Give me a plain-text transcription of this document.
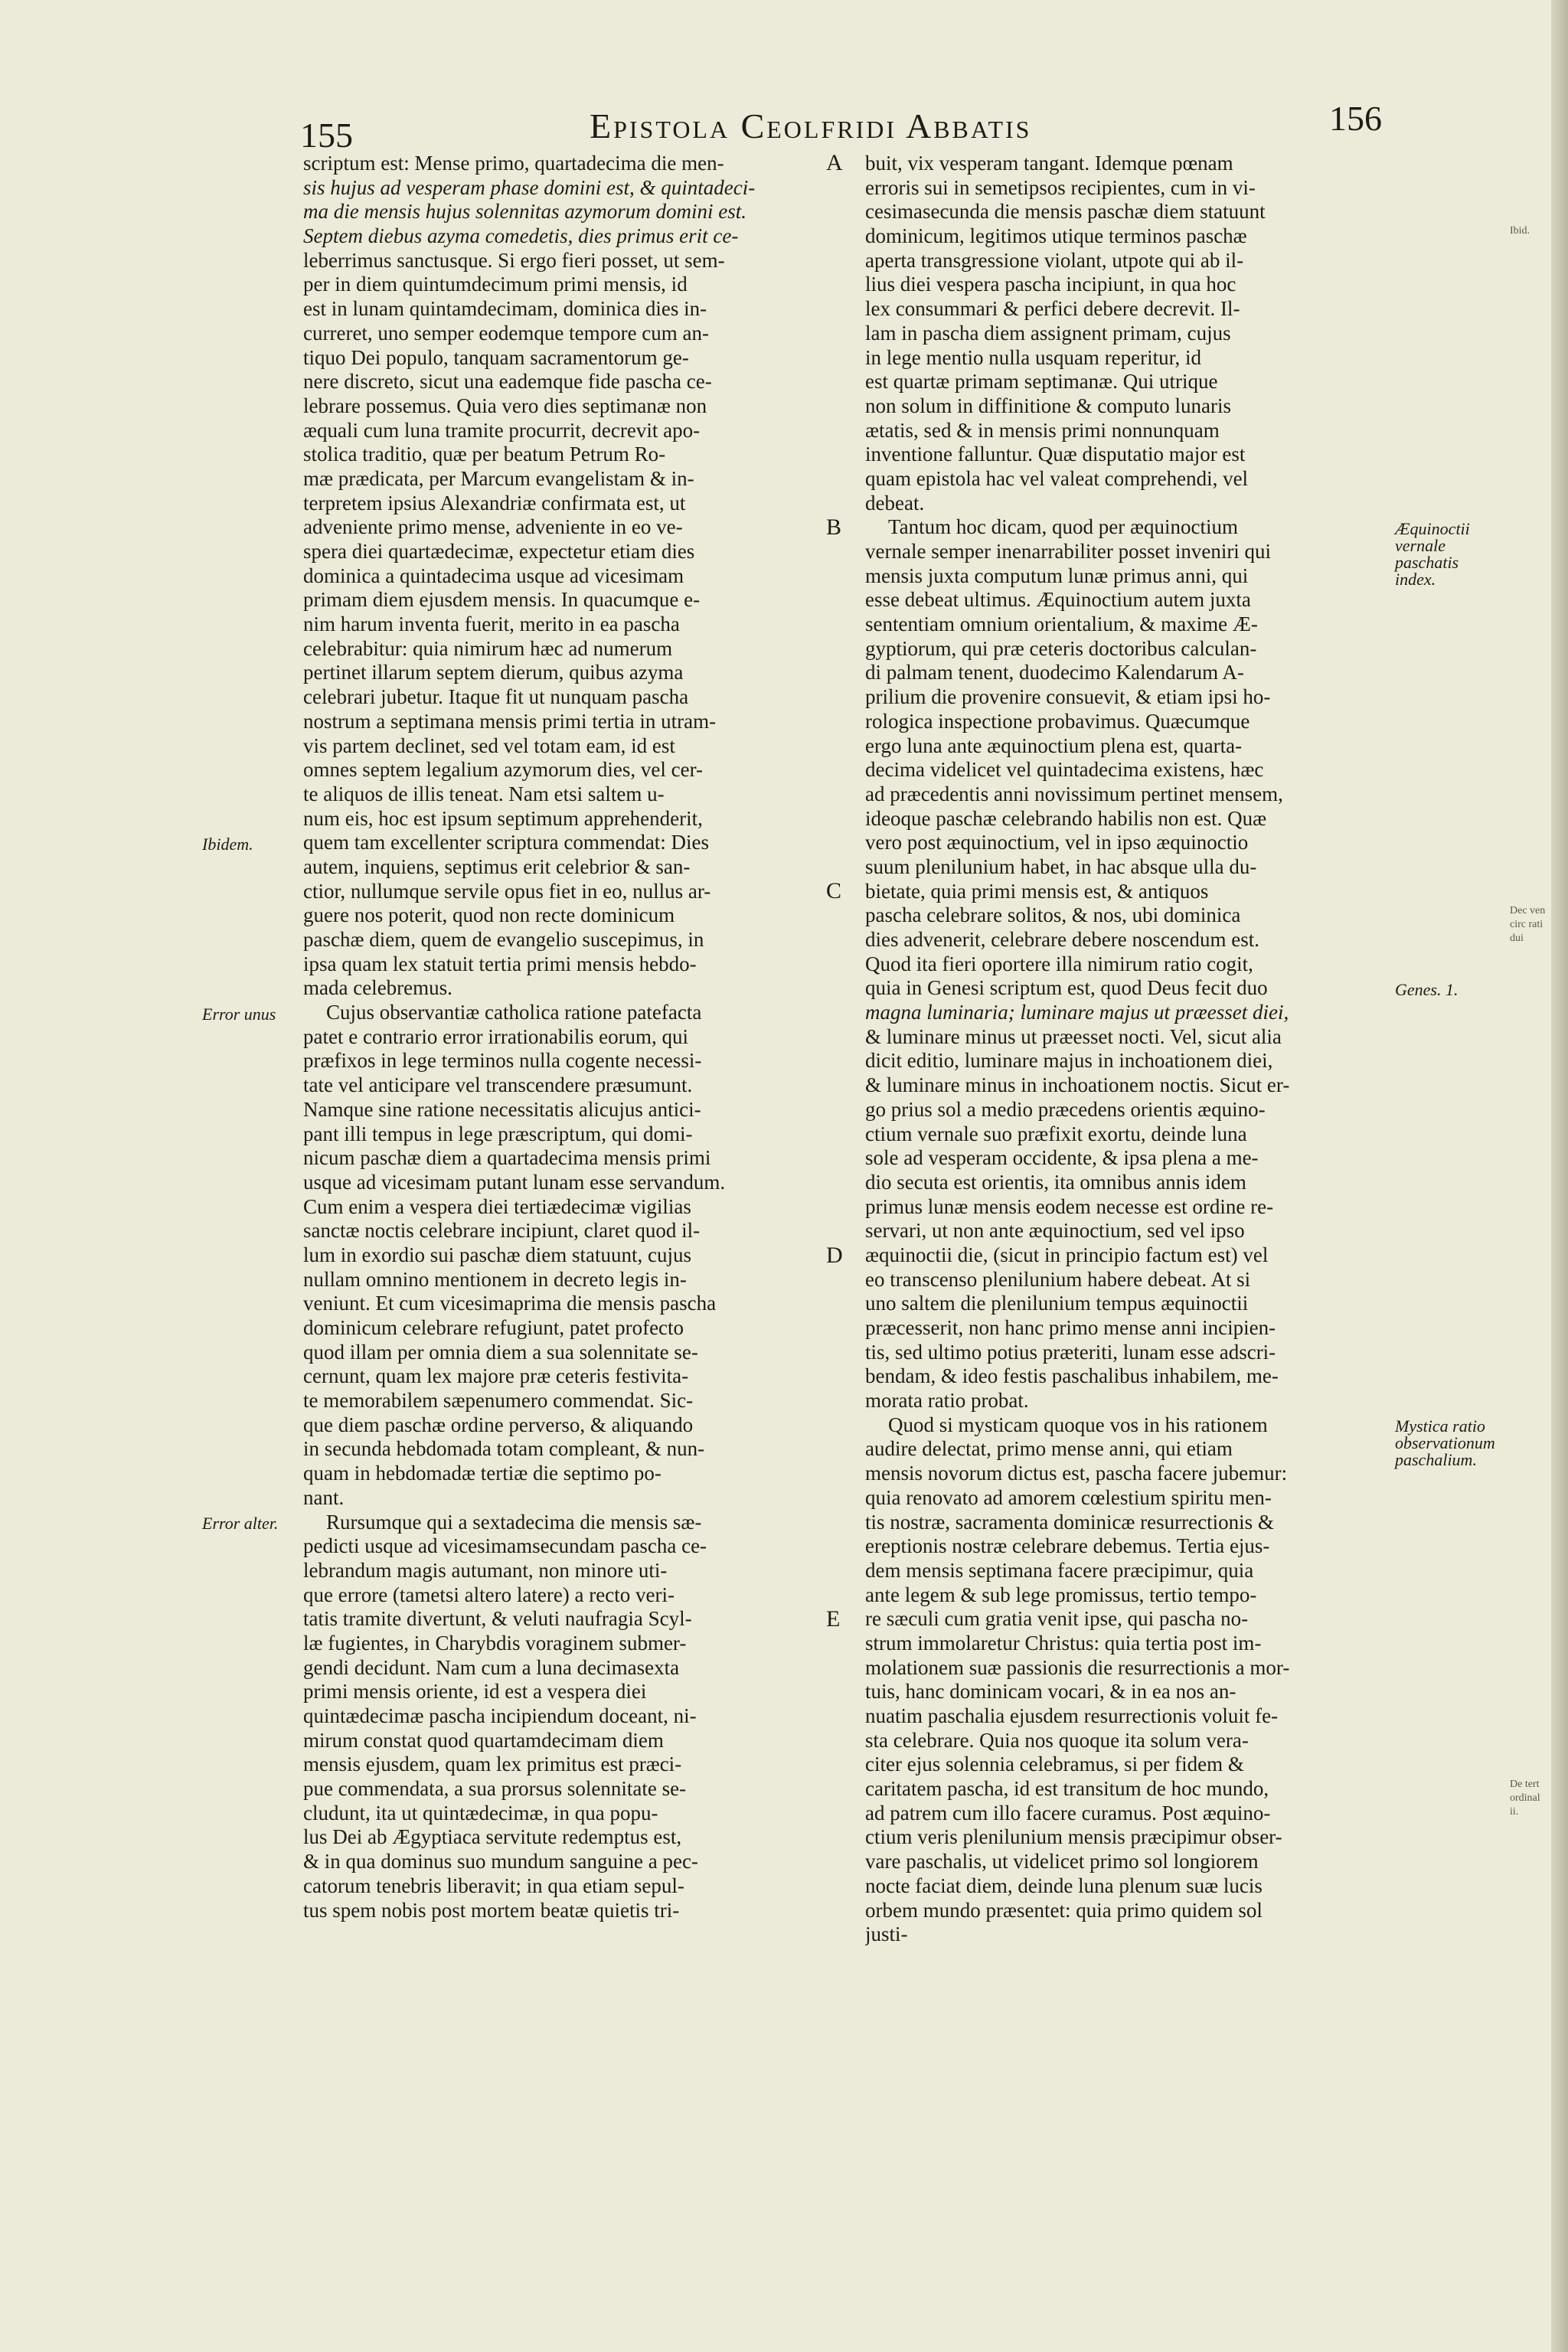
155	Epistola Ceolfridi Abbatis	156
scriptum est: Mense primo, quartadecima die men-
sis hujus ad vesperam phase domini est, & quintadeci-
ma die mensis hujus solennitas azymorum domini est.
Septem diebus azyma comedetis, dies primus erit ce-
leberrimus sanctusque. Si ergo fieri posset, ut sem-
per in diem quintumdecimum primi mensis, id
est in lunam quintamdecimam, dominica dies in-
curreret, uno semper eodemque tempore cum an-
tiquo Dei populo, tanquam sacramentorum ge-
nere discreto, sicut una eademque fide pascha ce-
lebrare possemus. Quia vero dies septimanæ non
æquali cum luna tramite procurrit, decrevit apo-
stolica traditio, quæ per beatum Petrum Ro-
mæ prædicata, per Marcum evangelistam & in-
terpretem ipsius Alexandriæ confirmata est, ut
adveniente primo mense, adveniente in eo ve-
spera diei quartædecimæ, expectetur etiam dies
dominica a quintadecima usque ad vicesimam
primam diem ejusdem mensis. In quacumque e-
nim harum inventa fuerit, merito in ea pascha
celebrabitur: quia nimirum hæc ad numerum
pertinet illarum septem dierum, quibus azyma
celebrari jubetur. Itaque fit ut nunquam pascha
nostrum a septimana mensis primi tertia in utram-
vis partem declinet, sed vel totam eam, id est
omnes septem legalium azymorum dies, vel cer-
te aliquos de illis teneat. Nam etsi saltem u-
num eis, hoc est ipsum septimum apprehenderit,
quem tam excellenter scriptura commendat: Dies
autem, inquiens, septimus erit celebrior & san-
ctior, nullumque servile opus fiet in eo, nullus ar-
guere nos poterit, quod non recte dominicum
paschæ diem, quem de evangelio suscepimus, in
ipsa quam lex statuit tertia primi mensis hebdo-
mada celebremus.
Cujus observantiæ catholica ratione patefacta
patet e contrario error irrationabilis eorum, qui
præfixos in lege terminos nulla cogente necessi-
tate vel anticipare vel transcendere præsumunt.
Namque sine ratione necessitatis alicujus antici-
pant illi tempus in lege præscriptum, qui domi-
nicum paschæ diem a quartadecima mensis primi
usque ad vicesimam putant lunam esse servandum.
Cum enim a vespera diei tertiædecimæ vigilias
sanctæ noctis celebrare incipiunt, claret quod il-
lum in exordio sui paschæ diem statuunt, cujus
nullam omnino mentionem in decreto legis in-
veniunt. Et cum vicesimaprima die mensis pascha
dominicum celebrare refugiunt, patet profecto
quod illam per omnia diem a sua solennitate se-
cernunt, quam lex majore præ ceteris festivita-
te memorabilem sæpenumero commendat. Sic-
que diem paschæ ordine perverso, & aliquando
in secunda hebdomada totam compleant, & nun-
quam in hebdomadæ tertiæ die septimo po-
nant.
Rursumque qui a sextadecima die mensis sæ-
pedicti usque ad vicesimamsecundam pascha ce-
lebrandum magis autumant, non minore uti-
que errore (tametsi altero latere) a recto veri-
tatis tramite divertunt, & veluti naufragia Scyl-
læ fugientes, in Charybdis voraginem submer-
gendi decidunt. Nam cum a luna decimasexta
primi mensis oriente, id est a vespera diei
quintædecimæ pascha incipiendum doceant, ni-
mirum constat quod quartamdecimam diem
mensis ejusdem, quam lex primitus est præci-
pue commendata, a sua prorsus solennitate se-
cludunt, ita ut quintædecimæ, in qua popu-
lus Dei ab Ægyptiaca servitute redemptus est,
& in qua dominus suo mundum sanguine a pec-
catorum tenebris liberavit; in qua etiam sepul-
tus spem nobis post mortem beatæ quietis tri-
buit, vix vesperam tangant. Idemque pœnam
erroris sui in semetipsos recipientes, cum in vi-
cesimasecunda die mensis paschæ diem statuunt
dominicum, legitimos utique terminos paschæ
aperta transgressione violant, utpote qui ab il-
lius diei vespera pascha incipiunt, in qua hoc
lex consummari & perfici debere decrevit. Il-
lam in pascha diem assignent primam, cujus
in lege mentio nulla usquam reperitur, id
est quartæ primam septimanæ. Qui utrique
non solum in diffinitione & computo lunaris
ætatis, sed & in mensis primi nonnunquam
inventione falluntur. Quæ disputatio major est
quam epistola hac vel valeat comprehendi, vel
debeat.
Tantum hoc dicam, quod per æquinoctium
vernale semper inenarrabiliter posset inveniri qui
mensis juxta computum lunæ primus anni, qui
esse debeat ultimus. Æquinoctium autem juxta
sententiam omnium orientalium, & maxime Æ-
gyptiorum, qui præ ceteris doctoribus calculan-
di palmam tenent, duodecimo Kalendarum A-
prilium die provenire consuevit, & etiam ipsi ho-
rologica inspectione probavimus. Quæcumque
ergo luna ante æquinoctium plena est, quarta-
decima videlicet vel quintadecima existens, hæc
ad præcedentis anni novissimum pertinet mensem,
ideoque paschæ celebrando habilis non est. Quæ
vero post æquinoctium, vel in ipso æquinoctio
suum plenilunium habet, in hac absque ulla du-
bietate, quia primi mensis est, & antiquos
pascha celebrare solitos, & nos, ubi dominica
dies advenerit, celebrare debere noscendum est.
Quod ita fieri oportere illa nimirum ratio cogit,
quia in Genesi scriptum est, quod Deus fecit duo
magna luminaria; luminare majus ut præesset diei,
& luminare minus ut præesset nocti. Vel, sicut alia
dicit editio, luminare majus in inchoationem diei,
& luminare minus in inchoationem noctis. Sicut er-
go prius sol a medio præcedens orientis æquino-
ctium vernale suo præfixit exortu, deinde luna
sole ad vesperam occidente, & ipsa plena a me-
dio secuta est orientis, ita omnibus annis idem
primus lunæ mensis eodem necesse est ordine re-
servari, ut non ante æquinoctium, sed vel ipso
æquinoctii die, (sicut in principio factum est) vel
eo transcenso plenilunium habere debeat. At si
uno saltem die plenilunium tempus æquinoctii
præcesserit, non hanc primo mense anni incipien-
tis, sed ultimo potius præteriti, lunam esse adscri-
bendam, & ideo festis paschalibus inhabilem, me-
morata ratio probat.
Quod si mysticam quoque vos in his rationem
audire delectat, primo mense anni, qui etiam
mensis novorum dictus est, pascha facere jubemur:
quia renovato ad amorem cœlestium spiritu men-
tis nostræ, sacramenta dominicæ resurrectionis &
ereptionis nostræ celebrare debemus. Tertia ejus-
dem mensis septimana facere præcipimur, quia
ante legem & sub lege promissus, tertio tempo-
re sæculi cum gratia venit ipse, qui pascha no-
strum immolaretur Christus: quia tertia post im-
molationem suæ passionis die resurrectionis a mor-
tuis, hanc dominicam vocari, & in ea nos an-
nuatim paschalia ejusdem resurrectionis voluit fe-
sta celebrare. Quia nos quoque ita solum vera-
citer ejus solennia celebramus, si per fidem &
caritatem pascha, id est transitum de hoc mundo,
ad patrem cum illo facere curamus. Post æquino-
ctium veris plenilunium mensis præcipimur obser-
vare paschalis, ut videlicet primo sol longiorem
nocte faciat diem, deinde luna plenum suæ lucis
orbem mundo præsentet: quia primo quidem sol
justi-
Ibidem.
Error unus
Error alter.
Æquinoctii vernale paschatis index.
Genes. 1.
Mystica ratio observationum paschalium.
A
B
C
D
E
Ibid.
Dec ven circ rati dui
De tert ordinal ii.
